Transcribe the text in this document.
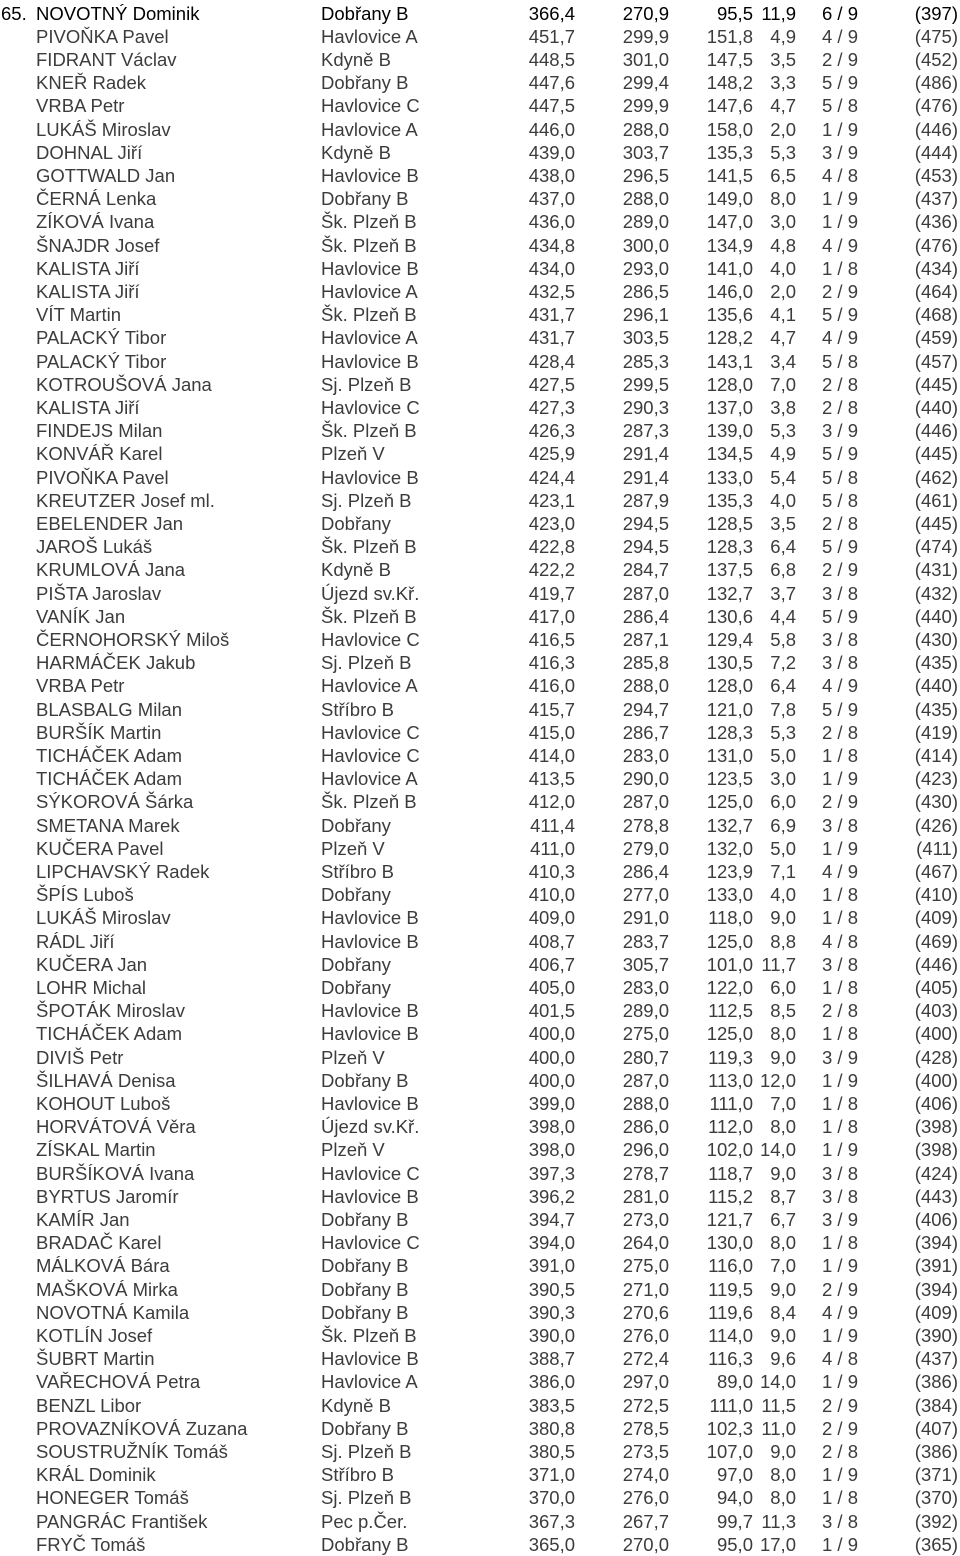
65. NOVOTNÝ Dominik	Dobřany B	366,4	270,9	95,5 11,9 6 / 9	(397)
PIVOŇKA Pavel	Havlovice A	451,7	299,9 151,8 4,9 4 / 9	(475)
FIDRANT Václav	Kdyně B	448,5	301,0 147,5 3,5 2 / 9	(452)
KNEŘ Radek	Dobřany B	447,6	299,4 148,2 3,3 5 / 9	(486)
VRBA Petr	Havlovice C	447,5	299,9 147,6 4,7 5 / 8	(476)
LUKÁŠ Miroslav	Havlovice A	446,0	288,0 158,0 2,0 1 / 9	(446)
DOHNAL Jiří	Kdyně B	439,0	303,7 135,3 5,3 3 / 9	(444)
GOTTWALD Jan	Havlovice B	438,0	296,5 141,5 6,5 4 / 8	(453)
ČERNÁ Lenka	Dobřany B	437,0	288,0 149,0 8,0 1 / 9	(437)
ZÍKOVÁ Ivana	Šk. Plzeň B	436,0	289,0 147,0 3,0 1 / 9	(436)
ŠNAJDR Josef	Šk. Plzeň B	434,8	300,0 134,9 4,8 4 / 9	(476)
KALISTA Jiří	Havlovice B	434,0	293,0 141,0 4,0 1 / 8	(434)
KALISTA Jiří	Havlovice A	432,5	286,5 146,0 2,0 2 / 9	(464)
VÍT Martin	Šk. Plzeň B	431,7	296,1 135,6 4,1 5 / 9	(468)
PALACKÝ Tibor	Havlovice A	431,7	303,5 128,2 4,7 4 / 9	(459)
PALACKÝ Tibor	Havlovice B	428,4	285,3 143,1 3,4 5 / 8	(457)
KOTROUŠOVÁ Jana	Sj. Plzeň B	427,5	299,5 128,0 7,0 2 / 8	(445)
KALISTA Jiří	Havlovice C	427,3	290,3 137,0 3,8 2 / 8	(440)
FINDEJS Milan	Šk. Plzeň B	426,3	287,3 139,0 5,3 3 / 9	(446)
KONVÁŘ Karel	Plzeň V	425,9	291,4 134,5 4,9 5 / 9	(445)
PIVOŇKA Pavel	Havlovice B	424,4	291,4 133,0 5,4 5 / 8	(462)
KREUTZER Josef ml.	Sj. Plzeň B	423,1	287,9 135,3 4,0 5 / 8	(461)
EBELENDER Jan	Dobřany	423,0	294,5 128,5 3,5 2 / 8	(445)
JAROŠ Lukáš	Šk. Plzeň B	422,8	294,5 128,3 6,4 5 / 9	(474)
KRUMLOVÁ Jana	Kdyně B	422,2	284,7 137,5 6,8 2 / 9	(431)
PIŠTA Jaroslav	Újezd sv.Kř.	419,7	287,0 132,7 3,7 3 / 8	(432)
VANÍK Jan	Šk. Plzeň B	417,0	286,4 130,6 4,4 5 / 9	(440)
ČERNOHORSKÝ Miloš	Havlovice C	416,5	287,1 129,4 5,8 3 / 8	(430)
HARMÁČEK Jakub	Sj. Plzeň B	416,3	285,8 130,5 7,2 3 / 8	(435)
VRBA Petr	Havlovice A	416,0	288,0 128,0 6,4 4 / 9	(440)
BLASBALG Milan	Stříbro B	415,7	294,7 121,0 7,8 5 / 9	(435)
BURŠÍK Martin	Havlovice C	415,0	286,7 128,3 5,3 2 / 8	(419)
TICHÁČEK Adam	Havlovice C	414,0	283,0 131,0 5,0 1 / 8	(414)
TICHÁČEK Adam	Havlovice A	413,5	290,0 123,5 3,0 1 / 9	(423)
SÝKOROVÁ Šárka	Šk. Plzeň B	412,0	287,0 125,0 6,0 2 / 9	(430)
SMETANA Marek	Dobřany	411,4	278,8 132,7 6,9 3 / 8	(426)
KUČERA Pavel	Plzeň V	411,0	279,0 132,0 5,0 1 / 9	(411)
LIPCHAVSKÝ Radek	Stříbro B	410,3	286,4 123,9 7,1 4 / 9	(467)
ŠPÍS Luboš	Dobřany	410,0	277,0 133,0 4,0 1 / 8	(410)
LUKÁŠ Miroslav	Havlovice B	409,0	291,0 118,0 9,0 1 / 8	(409)
RÁDL Jiří	Havlovice B	408,7	283,7 125,0 8,8 4 / 8	(469)
KUČERA Jan	Dobřany	406,7	305,7 101,0 11,7 3 / 8	(446)
LOHR Michal	Dobřany	405,0	283,0 122,0 6,0 1 / 8	(405)
ŠPOTÁK Miroslav	Havlovice B	401,5	289,0 112,5 8,5 2 / 8	(403)
TICHÁČEK Adam	Havlovice B	400,0	275,0 125,0 8,0 1 / 8	(400)
DIVIŠ Petr	Plzeň V	400,0	280,7 119,3 9,0 3 / 9	(428)
ŠILHAVÁ Denisa	Dobřany B	400,0	287,0 113,0 12,0 1 / 9	(400)
KOHOUT Luboš	Havlovice B	399,0	288,0 111,0 7,0 1 / 8	(406)
HORVÁTOVÁ Věra	Újezd sv.Kř.	398,0	286,0 112,0 8,0 1 / 8	(398)
ZÍSKAL Martin	Plzeň V	398,0	296,0 102,0 14,0 1 / 9	(398)
BURŠÍKOVÁ Ivana	Havlovice C	397,3	278,7 118,7 9,0 3 / 8	(424)
BYRTUS Jaromír	Havlovice B	396,2	281,0 115,2 8,7 3 / 8	(443)
KAMÍR Jan	Dobřany B	394,7	273,0 121,7 6,7 3 / 9	(406)
BRADAČ Karel	Havlovice C	394,0	264,0 130,0 8,0 1 / 8	(394)
MÁLKOVÁ Bára	Dobřany B	391,0	275,0 116,0 7,0 1 / 9	(391)
MAŠKOVÁ Mirka	Dobřany B	390,5	271,0 119,5 9,0 2 / 9	(394)
NOVOTNÁ Kamila	Dobřany B	390,3	270,6 119,6 8,4 4 / 9	(409)
KOTLÍN Josef	Šk. Plzeň B	390,0	276,0 114,0 9,0 1 / 9	(390)
ŠUBRT Martin	Havlovice B	388,7	272,4 116,3 9,6 4 / 8	(437)
VAŘECHOVÁ Petra	Havlovice A	386,0	297,0	89,0 14,0 1 / 9	(386)
BENZL Libor	Kdyně B	383,5	272,5 111,0 11,5 2 / 9	(384)
PROVAZNÍKOVÁ Zuzana	Dobřany B	380,8	278,5 102,3 11,0 2 / 9	(407)
SOUSTRUŽNÍK Tomáš	Sj. Plzeň B	380,5	273,5 107,0 9,0 2 / 8	(386)
KRÁL Dominik	Stříbro B	371,0	274,0	97,0 8,0 1 / 9	(371)
HONEGER Tomáš	Sj. Plzeň B	370,0	276,0	94,0 8,0 1 / 8	(370)
PANGRÁC František	Pec p.Čer.	367,3	267,7	99,7 11,3 3 / 8	(392)
FRYČ Tomáš	Dobřany B	365,0	270,0	95,0 17,0 1 / 9	(365)
